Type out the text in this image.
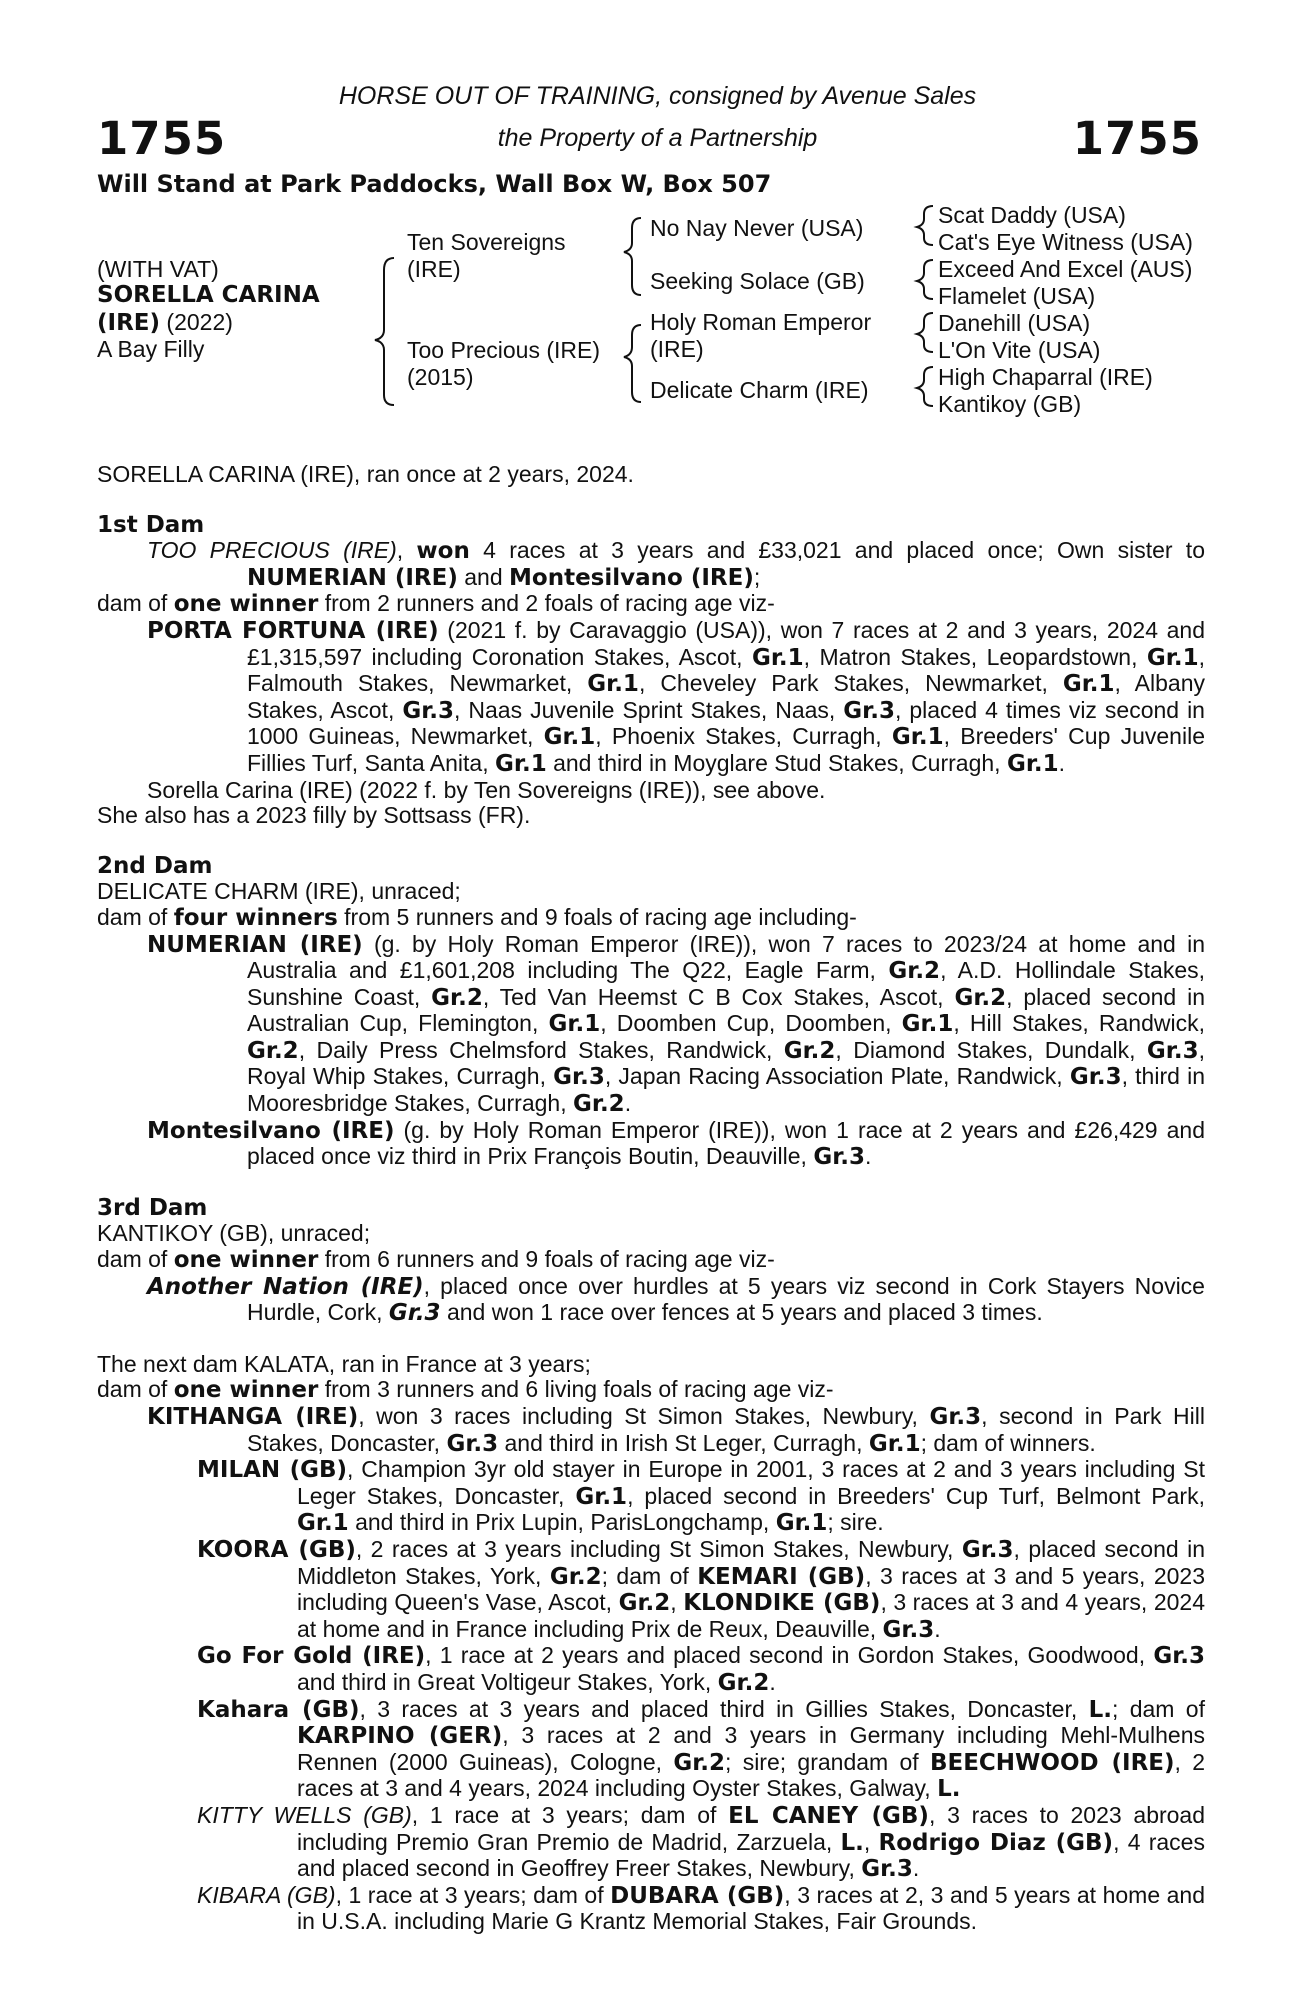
1755	1755
HORSE OUT OF TRAINING, consigned by Avenue Sales
the Property of a Partnership
Will Stand at Park Paddocks, Wall Box W, Box 507
(WITH VAT)
SORELLA CARINA
(IRE) (2022)
A Bay Filly
Ten Sovereigns
(IRE)
Too Precious (IRE)
(2015)
No Nay Never (USA)
Seeking Solace (GB)
Holy Roman Emperor
(IRE)
Delicate Charm (IRE)
Scat Daddy (USA)
Cat's Eye Witness (USA)
Exceed And Excel (AUS)
Flamelet (USA)
Danehill (USA)
L'On Vite (USA)
High Chaparral (IRE)
Kantikoy (GB)

SORELLA CARINA (IRE), ran once at 2 years, 2024.

1st Dam

TOO PRECIOUS (IRE), won 4 races at 3 years and £33,021 and placed once; Own sister to NUMERIAN (IRE) and Montesilvano (IRE);

dam of one winner from 2 runners and 2 foals of racing age viz-

PORTA FORTUNA (IRE) (2021 f. by Caravaggio (USA)), won 7 races at 2 and 3 years, 2024 and £1,315,597 including Coronation Stakes, Ascot, Gr.1, Matron Stakes, Leopardstown, Gr.1, Falmouth Stakes, Newmarket, Gr.1, Cheveley Park Stakes, Newmarket, Gr.1, Albany Stakes, Ascot, Gr.3, Naas Juvenile Sprint Stakes, Naas, Gr.3, placed 4 times viz second in 1000 Guineas, Newmarket, Gr.1, Phoenix Stakes, Curragh, Gr.1, Breeders' Cup Juvenile Fillies Turf, Santa Anita, Gr.1 and third in Moyglare Stud Stakes, Curragh, Gr.1.

Sorella Carina (IRE) (2022 f. by Ten Sovereigns (IRE)), see above.

She also has a 2023 filly by Sottsass (FR).

2nd Dam

DELICATE CHARM (IRE), unraced;

dam of four winners from 5 runners and 9 foals of racing age including-

NUMERIAN (IRE) (g. by Holy Roman Emperor (IRE)), won 7 races to 2023/24 at home and in Australia and £1,601,208 including The Q22, Eagle Farm, Gr.2, A.D. Hollindale Stakes, Sunshine Coast, Gr.2, Ted Van Heemst C B Cox Stakes, Ascot, Gr.2, placed second in Australian Cup, Flemington, Gr.1, Doomben Cup, Doomben, Gr.1, Hill Stakes, Randwick, Gr.2, Daily Press Chelmsford Stakes, Randwick, Gr.2, Diamond Stakes, Dundalk, Gr.3, Royal Whip Stakes, Curragh, Gr.3, Japan Racing Association Plate, Randwick, Gr.3, third in Mooresbridge Stakes, Curragh, Gr.2.

Montesilvano (IRE) (g. by Holy Roman Emperor (IRE)), won 1 race at 2 years and £26,429 and placed once viz third in Prix François Boutin, Deauville, Gr.3.

3rd Dam

KANTIKOY (GB), unraced;

dam of one winner from 6 runners and 9 foals of racing age viz-

Another Nation (IRE), placed once over hurdles at 5 years viz second in Cork Stayers Novice Hurdle, Cork, Gr.3 and won 1 race over fences at 5 years and placed 3 times.

The next dam KALATA, ran in France at 3 years;

dam of one winner from 3 runners and 6 living foals of racing age viz-

KITHANGA (IRE), won 3 races including St Simon Stakes, Newbury, Gr.3, second in Park Hill Stakes, Doncaster, Gr.3 and third in Irish St Leger, Curragh, Gr.1; dam of winners.

MILAN (GB), Champion 3yr old stayer in Europe in 2001, 3 races at 2 and 3 years including St Leger Stakes, Doncaster, Gr.1, placed second in Breeders' Cup Turf, Belmont Park, Gr.1 and third in Prix Lupin, ParisLongchamp, Gr.1; sire.

KOORA (GB), 2 races at 3 years including St Simon Stakes, Newbury, Gr.3, placed second in Middleton Stakes, York, Gr.2; dam of KEMARI (GB), 3 races at 3 and 5 years, 2023 including Queen's Vase, Ascot, Gr.2, KLONDIKE (GB), 3 races at 3 and 4 years, 2024 at home and in France including Prix de Reux, Deauville, Gr.3.

Go For Gold (IRE), 1 race at 2 years and placed second in Gordon Stakes, Goodwood, Gr.3 and third in Great Voltigeur Stakes, York, Gr.2.

Kahara (GB), 3 races at 3 years and placed third in Gillies Stakes, Doncaster, L.; dam of KARPINO (GER), 3 races at 2 and 3 years in Germany including Mehl-Mulhens Rennen (2000 Guineas), Cologne, Gr.2; sire; grandam of BEECHWOOD (IRE), 2 races at 3 and 4 years, 2024 including Oyster Stakes, Galway, L.

KITTY WELLS (GB), 1 race at 3 years; dam of EL CANEY (GB), 3 races to 2023 abroad including Premio Gran Premio de Madrid, Zarzuela, L., Rodrigo Diaz (GB), 4 races and placed second in Geoffrey Freer Stakes, Newbury, Gr.3.

KIBARA (GB), 1 race at 3 years; dam of DUBARA (GB), 3 races at 2, 3 and 5 years at home and in U.S.A. including Marie G Krantz Memorial Stakes, Fair Grounds.
